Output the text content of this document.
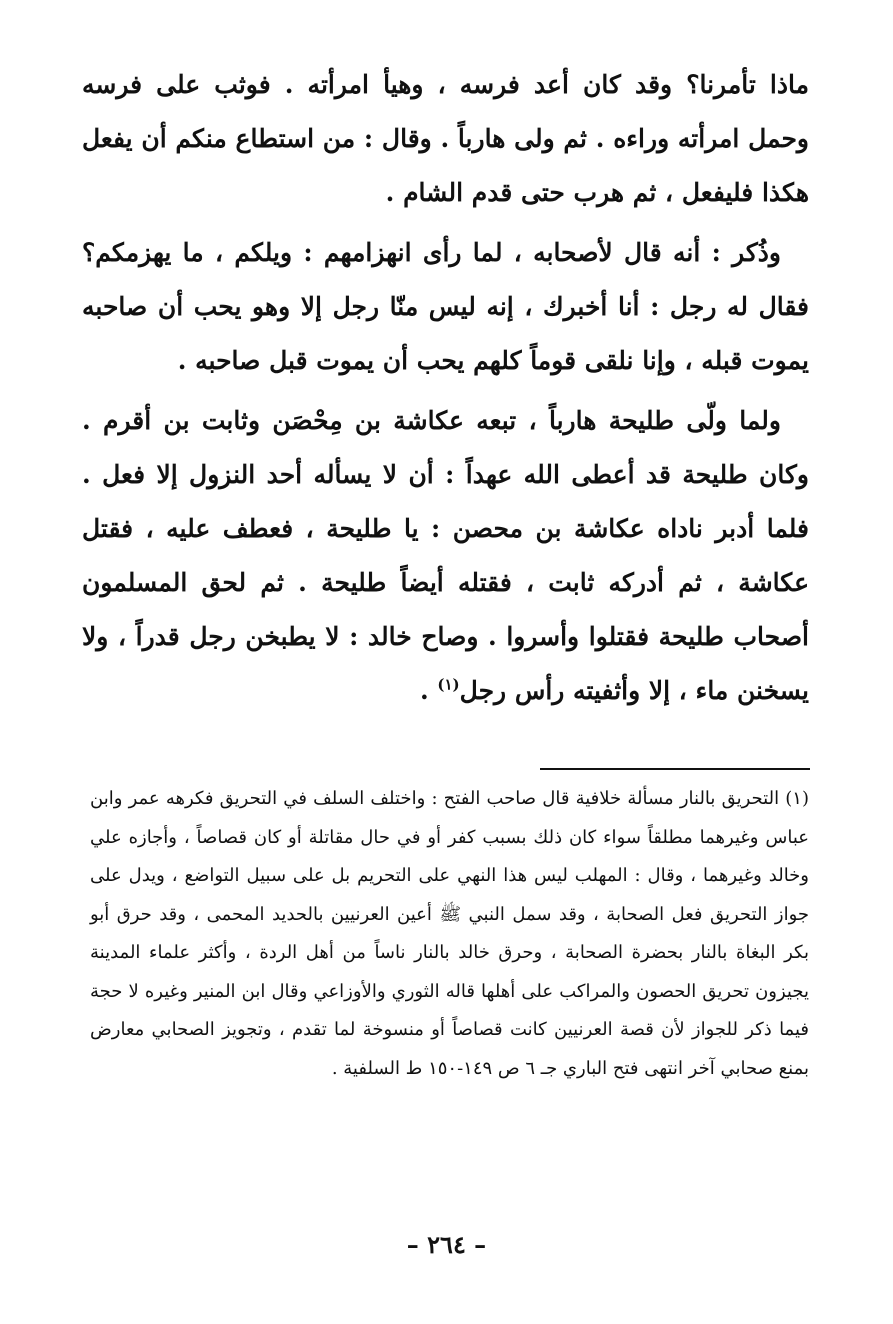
ماذا تأمرنا؟ وقد كان أعد فرسه ، وهيأ امرأته . فوثب على فرسه وحمل امرأته وراءه . ثم ولى هارباً . وقال : من استطاع منكم أن يفعل هكذا فليفعل ، ثم هرب حتى قدم الشام .

وذُكر : أنه قال لأصحابه ، لما رأى انهزامهم : ويلكم ، ما يهزمكم؟ فقال له رجل : أنا أخبرك ، إنه ليس منّا رجل إلا وهو يحب أن صاحبه يموت قبله ، وإنا نلقى قوماً كلهم يحب أن يموت قبل صاحبه .

ولما ولّى طليحة هارباً ، تبعه عكاشة بن مِحْصَن وثابت بن أقرم . وكان طليحة قد أعطى الله عهداً : أن لا يسأله أحد النزول إلا فعل . فلما أدبر ناداه عكاشة بن محصن : يا طليحة ، فعطف عليه ، فقتل عكاشة ، ثم أدركه ثابت ، فقتله أيضاً طليحة . ثم لحق المسلمون أصحاب طليحة فقتلوا وأسروا . وصاح خالد : لا يطبخن رجل قدراً ، ولا يسخنن ماء ، إلا وأثفيته رأس رجل$^{(١)}$ .

(١) التحريق بالنار مسألة خلافية قال صاحب الفتح : واختلف السلف في التحريق فكرهه عمر وابن عباس وغيرهما مطلقاً سواء كان ذلك بسبب كفر أو في حال مقاتلة أو كان قصاصاً ، وأجازه علي وخالد وغيرهما ، وقال : المهلب ليس هذا النهي على التحريم بل على سبيل التواضع ، ويدل على جواز التحريق فعل الصحابة ، وقد سمل النبي ﷺ أعين العرنيين بالحديد المحمى ، وقد حرق أبو بكر البغاة بالنار بحضرة الصحابة ، وحرق خالد بالنار ناساً من أهل الردة ، وأكثر علماء المدينة يجيزون تحريق الحصون والمراكب على أهلها قاله الثوري والأوزاعي وقال ابن المنير وغيره لا حجة فيما ذكر للجواز لأن قصة العرنيين كانت قصاصاً أو منسوخة لما تقدم ، وتجويز الصحابي معارض بمنع صحابي آخر انتهى فتح الباري جـ ٦ ص ١٤٩-١٥٠ ط السلفية .
– ٢٦٤ –
